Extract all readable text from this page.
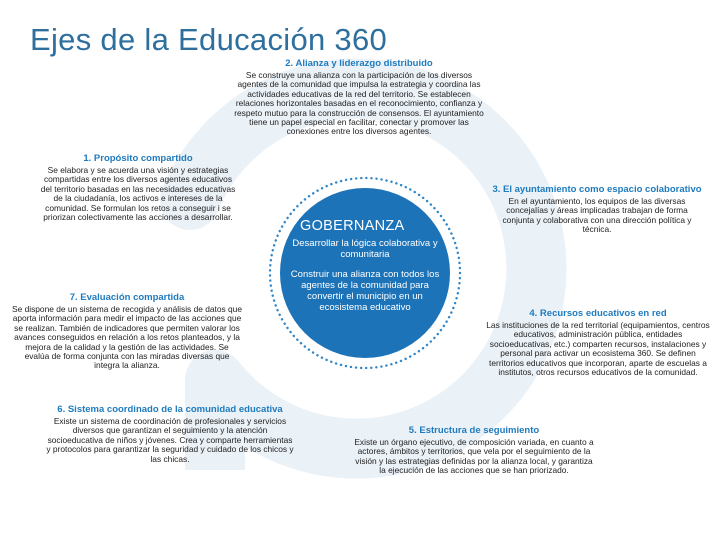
Ejes de la Educación 360
GOBERNANZA
Desarrollar la lógica colaborativa y comunitaria
Construir una alianza con todos los agentes de la comunidad para convertir el municipio en un ecosistema educativo
2. Alianza y liderazgo distribuido
Se construye una alianza con la participación de los diversos agentes de la comunidad que impulsa la estrategia y coordina las actividades educativas de la red del territorio. Se establecen relaciones horizontales basadas en el reconocimiento, confianza y respeto mutuo para la construcción de consensos. El ayuntamiento tiene un papel especial en facilitar, conectar y promover las conexiones entre los diversos agentes.
1. Propósito compartido
Se elabora y se acuerda una visión y estrategias compartidas entre los diversos agentes educativos del territorio basadas en las necesidades educativas de la ciudadanía, los activos e intereses de la comunidad. Se formulan los retos a conseguir i se priorizan colectivamente las acciones a desarrollar.
3. El ayuntamiento como espacio colaborativo
En el ayuntamiento, los equipos de las diversas concejalías y áreas implicadas trabajan de forma conjunta y colaborativa con una dirección política y técnica.
7. Evaluación compartida
Se dispone de un sistema de recogida y análisis de datos que aporta información para medir el impacto de las acciones que se realizan. También de indicadores que permiten valorar los avances conseguidos en relación a los retos planteados, y la mejora de la calidad y la gestión de las actividades. Se evalúa de forma conjunta con las miradas diversas que integra la alianza.
4. Recursos educativos en red
Las instituciones de la red territorial (equipamientos, centros educativos, administración pública, entidades socioeducativas, etc.) comparten recursos, instalaciones y personal para activar un ecosistema 360. Se definen territorios educativos que incorporan, aparte de escuelas a institutos, otros recursos educativos de la comunidad.
6. Sistema coordinado de la comunidad educativa
Existe un sistema de coordinación de profesionales y servicios diversos que garantizan el seguimiento y la atención socioeducativa de niños y jóvenes. Crea y comparte herramientas y protocolos para garantizar la seguridad y cuidado de los chicos y las chicas.
5. Estructura de seguimiento
Existe un órgano ejecutivo, de composición variada, en cuanto a actores, ámbitos y territorios, que vela por el seguimiento de la visión y las estrategias definidas por la alianza local, y garantiza la ejecución de las acciones que se han priorizado.
